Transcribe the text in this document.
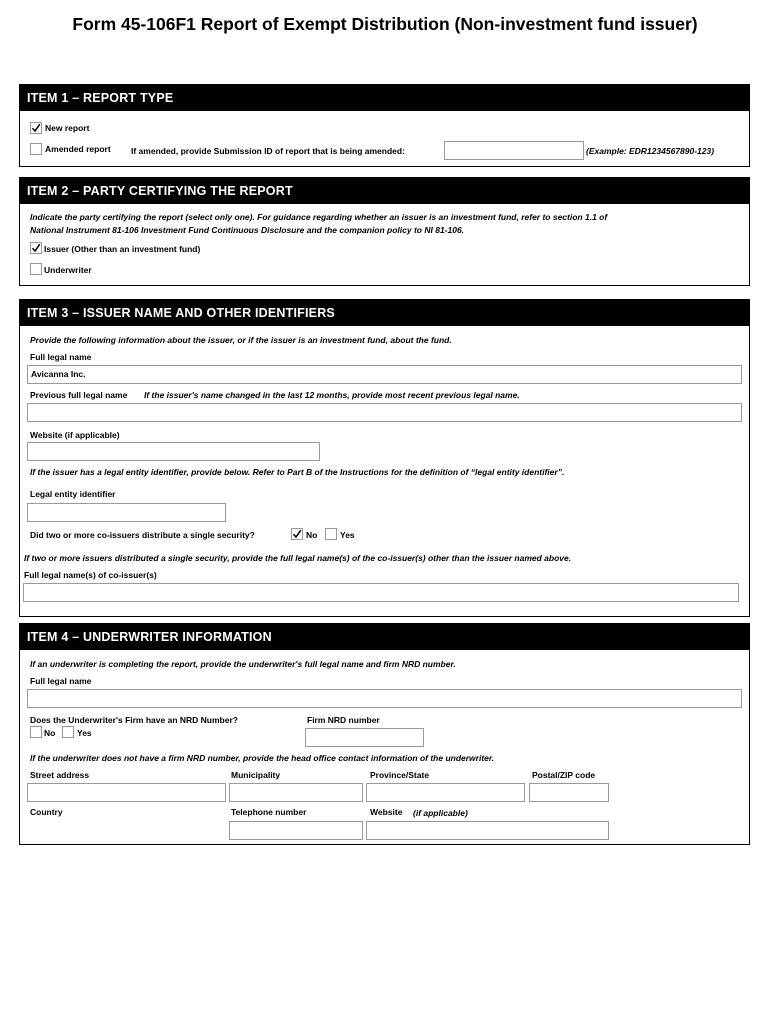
Form 45-106F1 Report of Exempt Distribution (Non-investment fund issuer)
ITEM 1 – REPORT TYPE
New report
Amended report If amended, provide Submission ID of report that is being amended:	(Example: EDR1234567890-123)
ITEM 2 – PARTY CERTIFYING THE REPORT
Indicate the party certifying the report (select only one). For guidance regarding whether an issuer is an investment fund, refer to section 1.1 of
National Instrument 81-106 Investment Fund Continuous Disclosure and the companion policy to NI 81-106.
Issuer (Other than an investment fund)
Underwriter
ITEM 3 – ISSUER NAME AND OTHER IDENTIFIERS
Provide the following information about the issuer, or if the issuer is an investment fund, about the fund.
Full legal name
Avicanna Inc.
Previous full legal name If the issuer's name changed in the last 12 months, provide most recent previous legal name.
Website (if applicable)
If the issuer has a legal entity identifier, provide below. Refer to Part B of the Instructions for the definition of “legal entity identifier”.
Legal entity identifier
Did two or more co-issuers distribute a single security?	No	Yes
If two or more issuers distributed a single security, provide the full legal name(s) of the co-issuer(s) other than the issuer named above.
Full legal name(s) of co-issuer(s)
ITEM 4 – UNDERWRITER INFORMATION
If an underwriter is completing the report, provide the underwriter's full legal name and firm NRD number.
Full legal name
Does the Underwriter's Firm have an NRD Number?
No	Yes
Firm NRD number
If the underwriter does not have a firm NRD number, provide the head office contact information of the underwriter.
Street address	Municipality	Province/State	Postal/ZIP code
Country	Telephone number	Website (if applicable)
